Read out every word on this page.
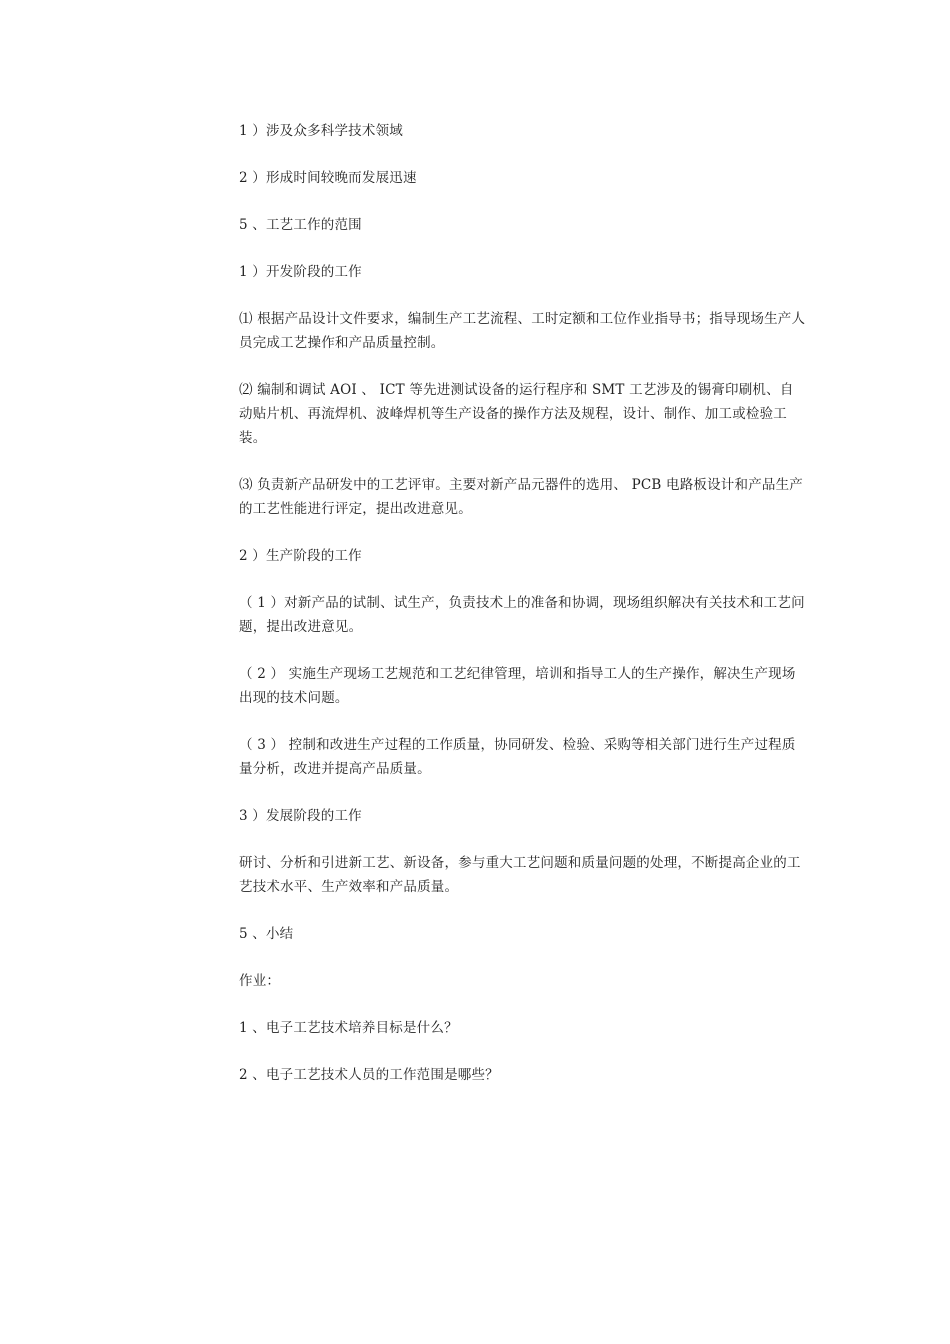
1 ）涉及众多科学技术领域

2 ）形成时间较晚而发展迅速

5 、工艺工作的范围

1 ）开发阶段的工作

⑴ 根据产品设计文件要求，编制生产工艺流程、工时定额和工位作业指导书；指导现场生产人员完成工艺操作和产品质量控制。

⑵ 编制和调试 AOI 、 ICT 等先进测试设备的运行程序和 SMT 工艺涉及的锡膏印刷机、自动贴片机、再流焊机、波峰焊机等生产设备的操作方法及规程，设计、制作、加工或检验工装。

⑶ 负责新产品研发中的工艺评审。主要对新产品元器件的选用、 PCB 电路板设计和产品生产的工艺性能进行评定，提出改进意见。

2 ）生产阶段的工作

（ 1 ）对新产品的试制、试生产，负责技术上的准备和协调，现场组织解决有关技术和工艺问题，提出改进意见。

（ 2 ） 实施生产现场工艺规范和工艺纪律管理，培训和指导工人的生产操作，解决生产现场出现的技术问题。

（ 3 ） 控制和改进生产过程的工作质量，协同研发、检验、采购等相关部门进行生产过程质量分析，改进并提高产品质量。

3 ）发展阶段的工作

研讨、分析和引进新工艺、新设备，参与重大工艺问题和质量问题的处理，不断提高企业的工艺技术水平、生产效率和产品质量。

5 、小结

作业：

1 、电子工艺技术培养目标是什么？

2 、电子工艺技术人员的工作范围是哪些？
